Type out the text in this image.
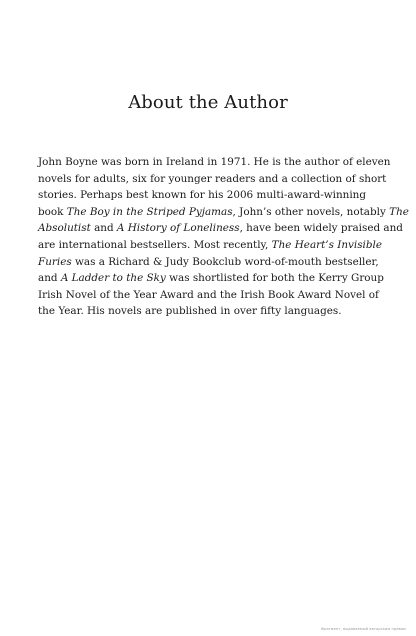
About the Author

John Boyne was born in Ireland in 1971. He is the author of eleven
novels for adults, six for younger readers and a collection of short
stories. Perhaps best known for his 2006 multi-award-winning
book The Boy in the Striped Pyjamas, John’s other novels, notably The
Absolutist and A History of Loneliness, have been widely praised and
are international bestsellers. Most recently, The Heart’s Invisible
Furies was a Richard & Judy Bookclub word-of-mouth bestseller,
and A Ladder to the Sky was shortlisted for both the Kerry Group
Irish Novel of the Year Award and the Irish Book Award Novel of
the Year. His novels are published in over fifty languages.

Фрагмент, выдаваемый авторским правом
